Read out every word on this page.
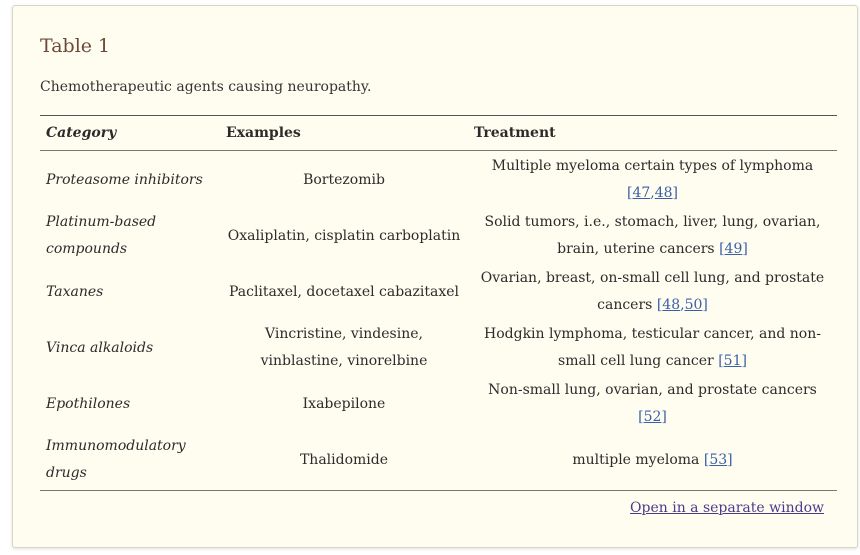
Table 1

Chemotherapeutic agents causing neuropathy.

Category	Examples	Treatment
Proteasome inhibitors	Bortezomib	Multiple myeloma certain types of lymphoma [47,48]
Platinum-based compounds	Oxaliplatin, cisplatin carboplatin	Solid tumors, i.e., stomach, liver, lung, ovarian, brain, uterine cancers [49]
Taxanes	Paclitaxel, docetaxel cabazitaxel	Ovarian, breast, on-small cell lung, and prostate cancers [48,50]
Vinca alkaloids	Vincristine, vindesine, vinblastine, vinorelbine	Hodgkin lymphoma, testicular cancer, and non-small cell lung cancer [51]
Epothilones	Ixabepilone	Non-small lung, ovarian, and prostate cancers [52]
Immunomodulatory drugs	Thalidomide	multiple myeloma [53]
Open in a separate window
